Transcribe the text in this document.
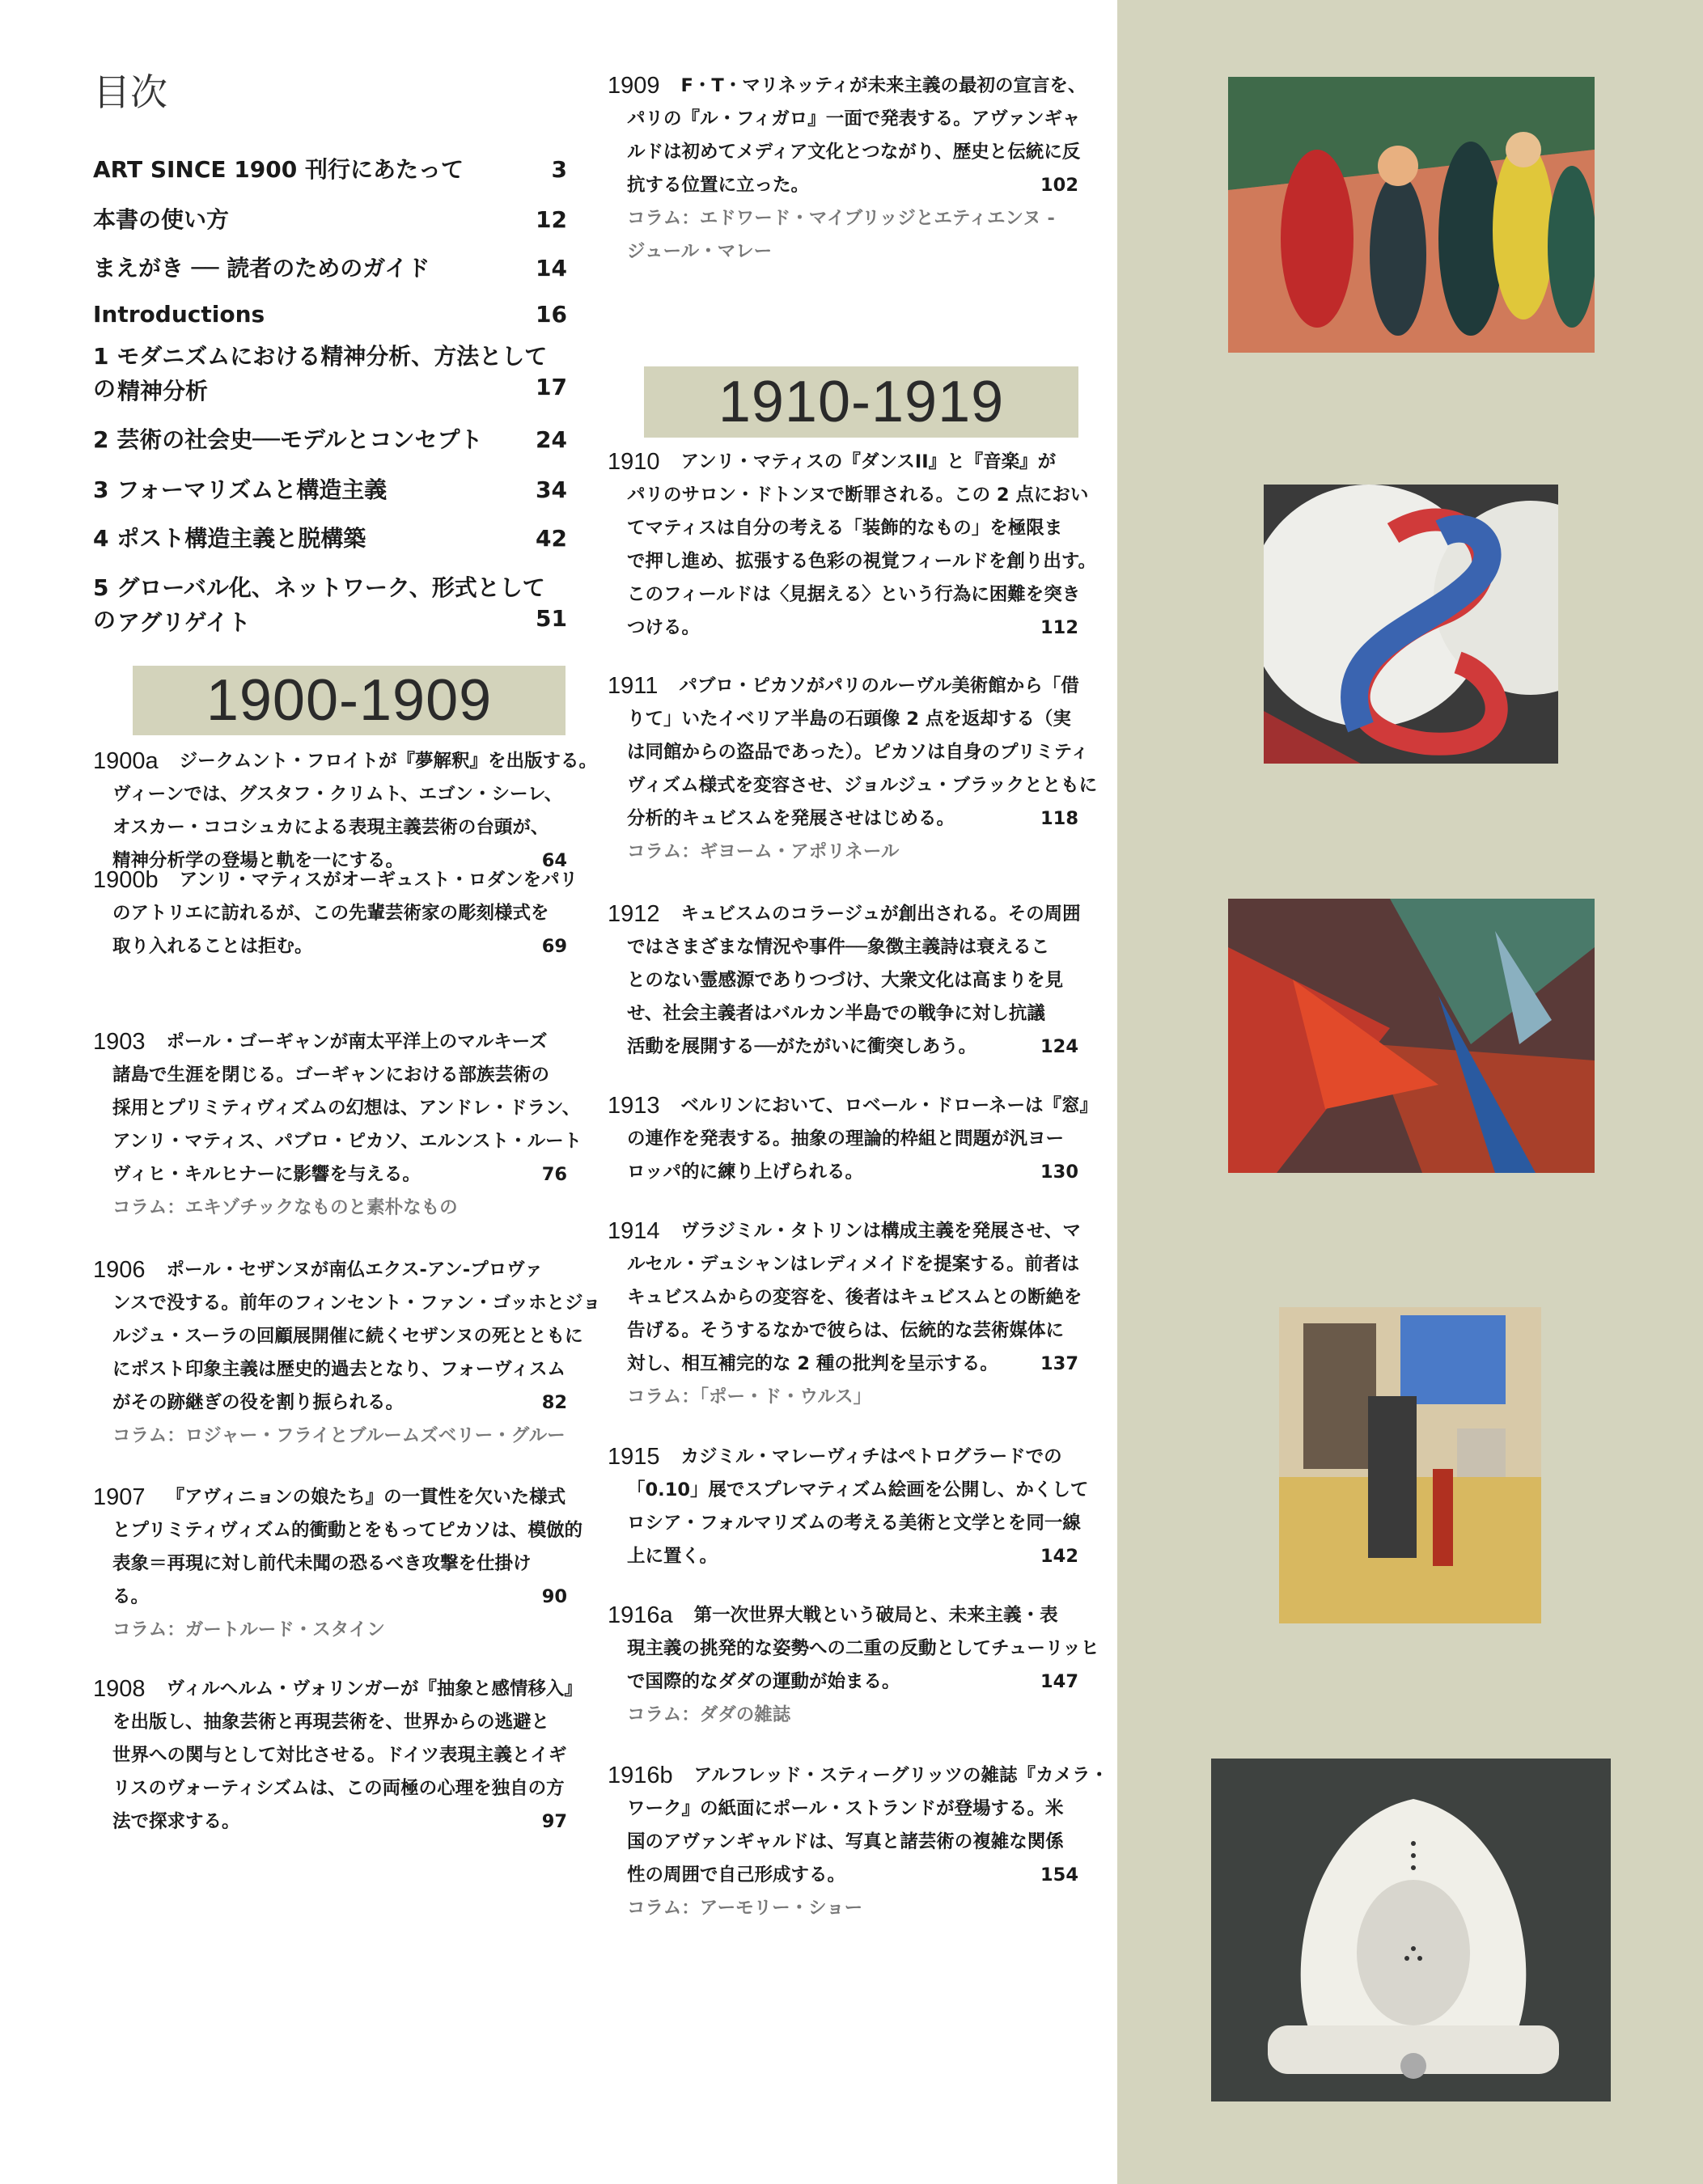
目次
ART SINCE 1900 刊行にあたって	3
本書の使い方	12
まえがき ── 読者のためのガイド	14
Introductions	16
1 モダニズムにおける精神分析、方法としての 精神分析	17
2 芸術の社会史──モデルとコンセプト 24
3 フォーマリズムと構造主義	34
4 ポスト構造主義と脱構築	42
5 グローバル化、ネットワーク、形式としての アグリゲイト	51
1900-1909
1910-1919
1900a ジークムント・フロイトが『夢解釈』を出版する。
ヴィーンでは、グスタフ・クリムト、エゴン・シーレ、
オスカー・ココシュカによる表現主義芸術の台頭が、
精神分析学の登場と軌を一にする。	64
1900b アンリ・マティスがオーギュスト・ロダンをパリ
のアトリエに訪れるが、この先輩芸術家の彫刻様式を
取り入れることは拒む。	69
1903 ポール・ゴーギャンが南太平洋上のマルキーズ
諸島で生涯を閉じる。ゴーギャンにおける部族芸術の
採用とプリミティヴィズムの幻想は、アンドレ・ドラン、
アンリ・マティス、パブロ・ピカソ、エルンスト・ルート
ヴィヒ・キルヒナーに影響を与える。	76
コラム：エキゾチックなものと素朴なもの
1906 ポール・セザンヌが南仏エクス-アン-プロヴァ
ンスで没する。前年のフィンセント・ファン・ゴッホとジョ
ルジュ・スーラの回顧展開催に続くセザンヌの死とともに
にポスト印象主義は歴史的過去となり、フォーヴィスム
がその跡継ぎの役を割り振られる。	82
コラム：ロジャー・フライとブルームズベリー・グルー
1907 『アヴィニョンの娘たち』の一貫性を欠いた様式
とプリミティヴィズム的衝動とをもってピカソは、模倣的
表象＝再現に対し前代未聞の恐るべき攻撃を仕掛け
る。	90
コラム：ガートルード・スタイン
1908 ヴィルヘルム・ヴォリンガーが『抽象と感情移入』
を出版し、抽象芸術と再現芸術を、世界からの逃避と
世界への関与として対比させる。ドイツ表現主義とイギ
リスのヴォーティシズムは、この両極の心理を独自の方
法で探求する。	97
1909 F・T・マリネッティが未来主義の最初の宣言を、
パリの『ル・フィガロ』一面で発表する。アヴァンギャ
ルドは初めてメディア文化とつながり、歴史と伝統に反
抗する位置に立った。	102
コラム：エドワード・マイブリッジとエティエンヌ - ジュール・マレー
1910 アンリ・マティスの『ダンスII』と『音楽』が
パリのサロン・ドトンヌで断罪される。この 2 点におい
てマティスは自分の考える「装飾的なもの」を極限ま
で押し進め、拡張する色彩の視覚フィールドを創り出す。
このフィールドは〈見据える〉という行為に困難を突き
つける。	112
1911 パブロ・ピカソがパリのルーヴル美術館から「借
りて」いたイベリア半島の石頭像 2 点を返却する（実
は同館からの盗品であった）。ピカソは自身のプリミティ
ヴィズム様式を変容させ、ジョルジュ・ブラックとともに
分析的キュビスムを発展させはじめる。	118
コラム：ギヨーム・アポリネール
1912 キュビスムのコラージュが創出される。その周囲
ではさまざまな情況や事件──象徴主義詩は衰えるこ
とのない霊感源でありつづけ、大衆文化は高まりを見
せ、社会主義者はバルカン半島での戦争に対し抗議
活動を展開する──がたがいに衝突しあう。	124
1913 ベルリンにおいて、ロベール・ドローネーは『窓』
の連作を発表する。抽象の理論的枠組と問題が汎ヨー
ロッパ的に練り上げられる。	130
1914 ヴラジミル・タトリンは構成主義を発展させ、マ
ルセル・デュシャンはレディメイドを提案する。前者は
キュビスムからの変容を、後者はキュビスムとの断絶を
告げる。そうするなかで彼らは、伝統的な芸術媒体に
対し、相互補完的な 2 種の批判を呈示する。	137
コラム：「ポー・ド・ウルス」
1915 カジミル・マレーヴィチはペトログラードでの
「0.10」展でスプレマティズム絵画を公開し、かくして
ロシア・フォルマリズムの考える美術と文学とを同一線
上に置く。	142
1916a 第一次世界大戦という破局と、未来主義・表
現主義の挑発的な姿勢への二重の反動としてチューリッヒ
で国際的なダダの運動が始まる。	147
コラム：ダダの雑誌
1916b アルフレッド・スティーグリッツの雑誌『カメラ・
ワーク』の紙面にポール・ストランドが登場する。米
国のアヴァンギャルドは、写真と諸芸術の複雑な関係
性の周囲で自己形成する。	154
コラム：アーモリー・ショー
